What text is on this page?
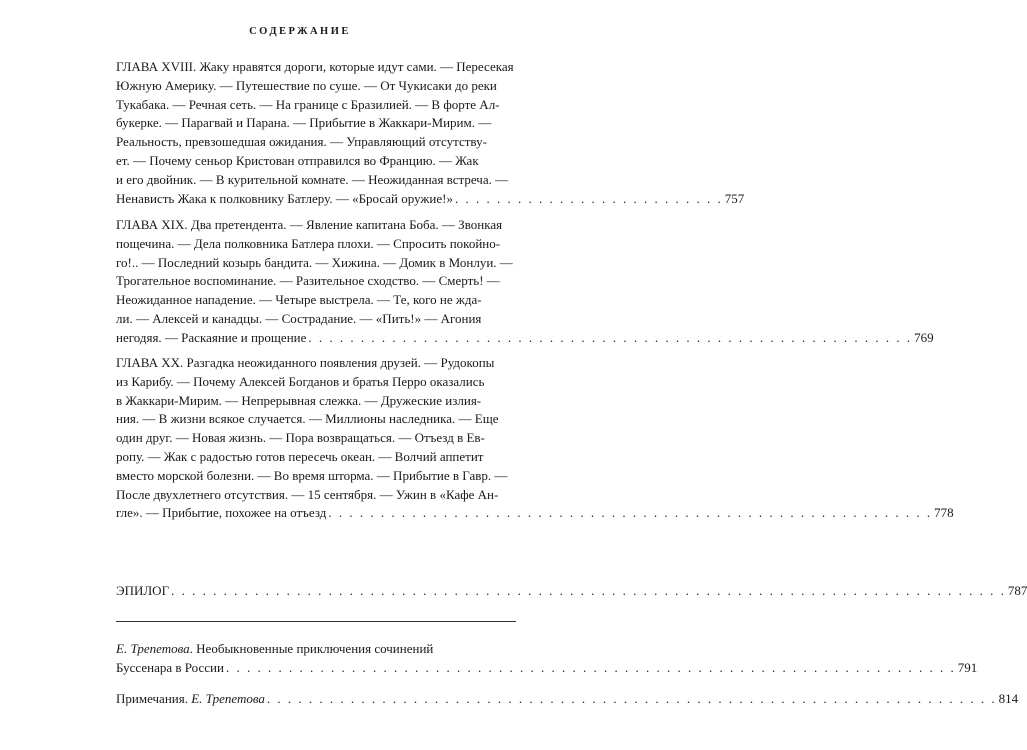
СОДЕРЖАНИЕ
ГЛАВА XVIII. Жаку нравятся дороги, которые идут сами. — Пересекая
Южную Америку. — Путешествие по суше. — От Чукисаки до реки
Тукабака. — Речная сеть. — На границе с Бразилией. — В форте Ал-
букерке. — Парагвай и Парана. — Прибытие в Жаккари-Мирим. —
Реальность, превзошедшая ожидания. — Управляющий отсутству-
ет. — Почему сеньор Кристован отправился во Францию. — Жак
и его двойник. — В курительной комнате. — Неожиданная встреча. —
Ненависть Жака к полковнику Батлеру. — «Бросай оружие!» . . . . . . . . . . . . . . . . . . . . . . . . . . 757
ГЛАВА XIX. Два претендента. — Явление капитана Боба. — Звонкая
пощечина. — Дела полковника Батлера плохи. — Спросить покойно-
го!.. — Последний козырь бандита. — Хижина. — Домик в Монлуи. —
Трогательное воспоминание. — Разительное сходство. — Смерть! —
Неожиданное нападение. — Четыре выстрела. — Те, кого не жда-
ли. — Алексей и канадцы. — Сострадание. — «Пить!» — Агония
негодяя. — Раскаяние и прощение . . . . . . . . . . . . . . . . . . . . . . . . . . . . . . . . . . . . . . . . . . . . . . . . . . . . . . . . . . 769
ГЛАВА XX. Разгадка неожиданного появления друзей. — Рудокопы
из Карибу. — Почему Алексей Богданов и братья Перро оказались
в Жаккари-Мирим. — Непрерывная слежка. — Дружеские излия-
ния. — В жизни всякое случается. — Миллионы наследника. — Еще
один друг. — Новая жизнь. — Пора возвращаться. — Отъезд в Ев-
ропу. — Жак с радостью готов пересечь океан. — Волчий аппетит
вместо морской болезни. — Во время шторма. — Прибытие в Гавр. —
После двухлетнего отсутствия. — 15 сентября. — Ужин в «Кафе Ан-
гле». — Прибытие, похожее на отъезд . . . . . . . . . . . . . . . . . . . . . . . . . . . . . . . . . . . . . . . . . . . . . . . . . . . . . . . . . . 778
ЭПИЛОГ . . . . . . . . . . . . . . . . . . . . . . . . . . . . . . . . . . . . . . . . . . . . . . . . . . . . . . . . . . . . . . . . . . . . . . . . . . . . . . . . 787
Е. Трепетова. Необыкновенные приключения сочинений
Буссенара в России . . . . . . . . . . . . . . . . . . . . . . . . . . . . . . . . . . . . . . . . . . . . . . . . . . . . . . . . . . . . . . . . . . . . . . 791
Примечания. Е. Трепетова . . . . . . . . . . . . . . . . . . . . . . . . . . . . . . . . . . . . . . . . . . . . . . . . . . . . . . . . . . . . . . . . . . . . . . 814
